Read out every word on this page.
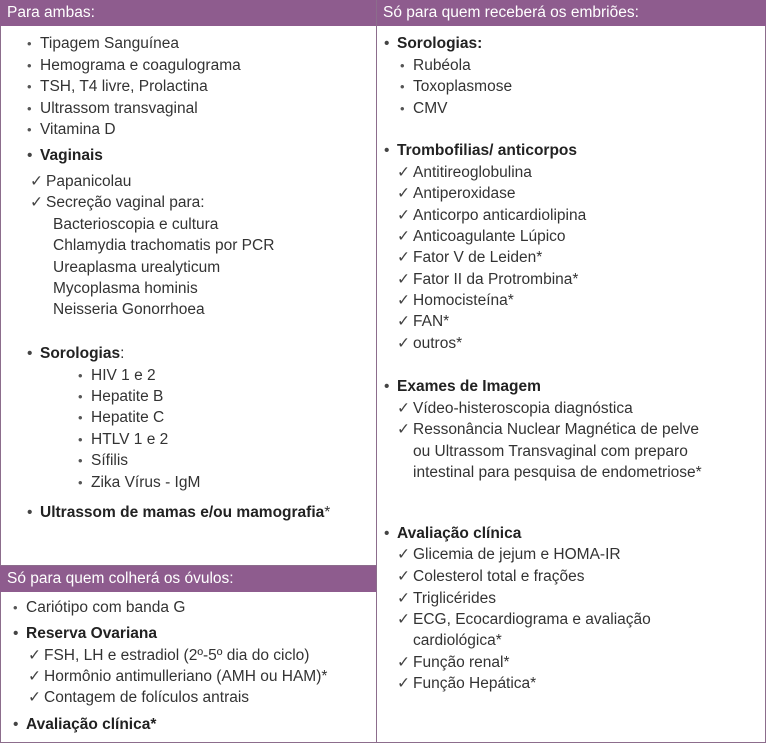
Para ambas:
• Tipagem Sanguínea
• Hemograma e coagulograma
• TSH, T4 livre, Prolactina
• Ultrassom transvaginal
• Vitamina D
• Vaginais
✓ Papanicolau
✓ Secreção vaginal para:
Bacterioscopia e cultura
Chlamydia trachomatis por PCR
Ureaplasma urealyticum
Mycoplasma hominis
Neisseria Gonorrhoea
• Sorologias:
• HIV 1 e 2
• Hepatite B
• Hepatite C
• HTLV 1 e 2
• Sífilis
• Zika Vírus - IgM
• Ultrassom de mamas e/ou mamografia*
Só para quem colherá os óvulos:
• Cariótipo com banda G
• Reserva Ovariana
✓ FSH, LH e estradiol (2º-5º dia do ciclo)
✓ Hormônio antimulleriano (AMH ou HAM)*
✓ Contagem de folículos antrais
• Avaliação clínica*
Só para quem receberá os embriões:
• Sorologias:
• Rubéola
• Toxoplasmose
• CMV
• Trombofilias/ anticorpos
✓ Antitireoglobulina
✓ Antiperoxidase
✓ Anticorpo anticardiolipina
✓ Anticoagulante Lúpico
✓ Fator V de Leiden*
✓ Fator II da Protrombina*
✓ Homocisteína*
✓ FAN*
✓ outros*
• Exames de Imagem
✓ Vídeo-histeroscopia diagnóstica
✓ Ressonância Nuclear Magnética de pelve
ou Ultrassom Transvaginal com preparo
intestinal para pesquisa de endometriose*
• Avaliação clínica
✓ Glicemia de jejum e HOMA-IR
✓ Colesterol total e frações
✓ Triglicérides
✓ ECG, Ecocardiograma e avaliação
cardiológica*
✓ Função renal*
✓ Função Hepática*
